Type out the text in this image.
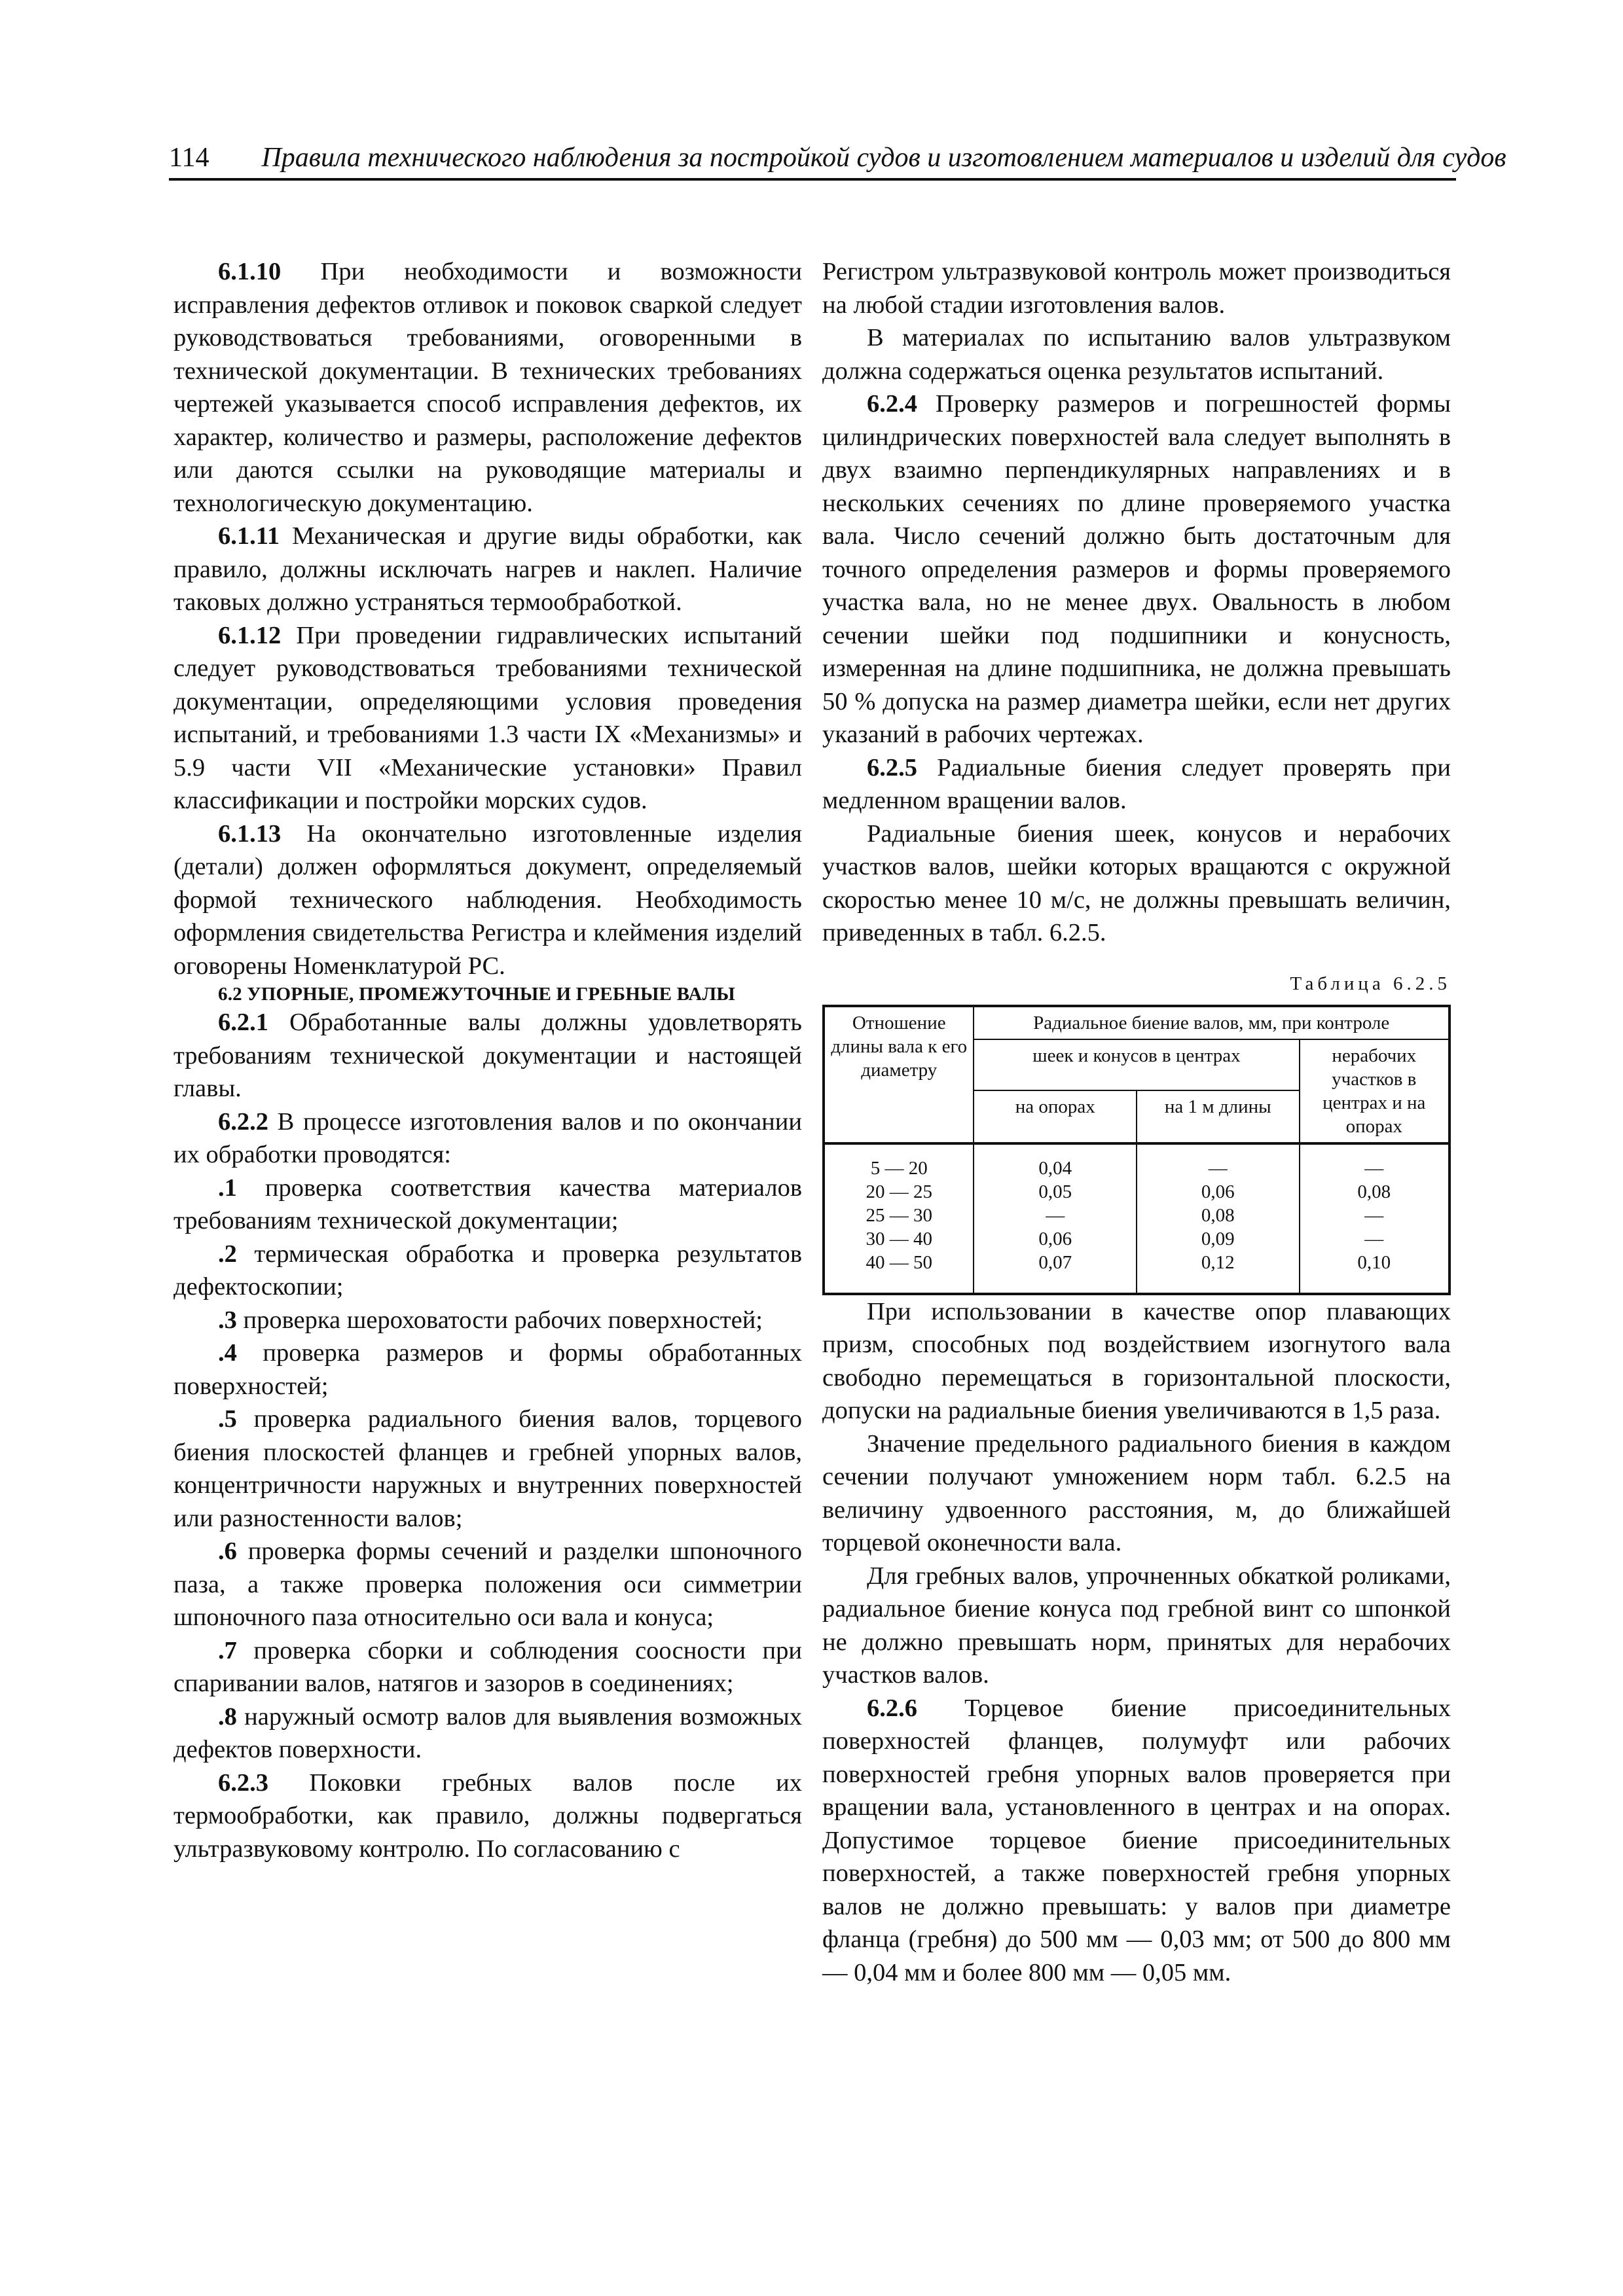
114 Правила технического наблюдения за постройкой судов и изготовлением материалов и изделий для судов

6.1.10 При необходимости и возможности исправления дефектов отливок и поковок сваркой следует руководствоваться требованиями, оговоренными в технической документации. В технических требованиях чертежей указывается способ исправления дефектов, их характер, количество и размеры, расположение дефектов или даются ссылки на руководящие материалы и технологическую документацию.

6.1.11 Механическая и другие виды обработки, как правило, должны исключать нагрев и наклеп. Наличие таковых должно устраняться термообработкой.

6.1.12 При проведении гидравлических испытаний следует руководствоваться требованиями технической документации, определяющими условия проведения испытаний, и требованиями 1.3 части IX «Механизмы» и 5.9 части VII «Механические установки» Правил классификации и постройки морских судов.

6.1.13 На окончательно изготовленные изделия (детали) должен оформляться документ, определяемый формой технического наблюдения. Необходимость оформления свидетельства Регистра и клеймения изделий оговорены Номенклатурой РС.

6.2 УПОРНЫЕ, ПРОМЕЖУТОЧНЫЕ И ГРЕБНЫЕ ВАЛЫ

6.2.1 Обработанные валы должны удовлетворять требованиям технической документации и настоящей главы.

6.2.2 В процессе изготовления валов и по окончании их обработки проводятся:

.1 проверка соответствия качества материалов требованиям технической документации;

.2 термическая обработка и проверка результатов дефектоскопии;

.3 проверка шероховатости рабочих поверхностей;

.4 проверка размеров и формы обработанных поверхностей;

.5 проверка радиального биения валов, торцевого биения плоскостей фланцев и гребней упорных валов, концентричности наружных и внутренних поверхностей или разностенности валов;

.6 проверка формы сечений и разделки шпоночного паза, а также проверка положения оси симметрии шпоночного паза относительно оси вала и конуса;

.7 проверка сборки и соблюдения соосности при спаривании валов, натягов и зазоров в соединениях;

.8 наружный осмотр валов для выявления возможных дефектов поверхности.

6.2.3 Поковки гребных валов после их термообработки, как правило, должны подвергаться ультразвуковому контролю. По согласованию с

Регистром ультразвуковой контроль может производиться на любой стадии изготовления валов.

В материалах по испытанию валов ультразвуком должна содержаться оценка результатов испытаний.

6.2.4 Проверку размеров и погрешностей формы цилиндрических поверхностей вала следует выполнять в двух взаимно перпендикулярных направлениях и в нескольких сечениях по длине проверяемого участка вала. Число сечений должно быть достаточным для точного определения размеров и формы проверяемого участка вала, но не менее двух. Овальность в любом сечении шейки под подшипники и конусность, измеренная на длине подшипника, не должна превышать 50 % допуска на размер диаметра шейки, если нет других указаний в рабочих чертежах.

6.2.5 Радиальные биения следует проверять при медленном вращении валов.

Радиальные биения шеек, конусов и нерабочих участков валов, шейки которых вращаются с окружной скоростью менее 10 м/с, не должны превышать величин, приведенных в табл. 6.2.5.

Таблица 6.2.5
Отношение длины вала к его диаметру	Радиальное биение валов, мм, при контроле		
	шеек и конусов в центрах		нерабочих участков в центрах и на опорах
	на опорах	на 1 м длины	
5 — 20	0,04	—	—
20 — 25	0,05	0,06	0,08
25 — 30	—	0,08	—
30 — 40	0,06	0,09	—
40 — 50	0,07	0,12	0,10

При использовании в качестве опор плавающих призм, способных под воздействием изогнутого вала свободно перемещаться в горизонтальной плоскости, допуски на радиальные биения увеличиваются в 1,5 раза.

Значение предельного радиального биения в каждом сечении получают умножением норм табл. 6.2.5 на величину удвоенного расстояния, м, до ближайшей торцевой оконечности вала.

Для гребных валов, упрочненных обкаткой роликами, радиальное биение конуса под гребной винт со шпонкой не должно превышать норм, принятых для нерабочих участков валов.

6.2.6 Торцевое биение присоединительных поверхностей фланцев, полумуфт или рабочих поверхностей гребня упорных валов проверяется при вращении вала, установленного в центрах и на опорах. Допустимое торцевое биение присоединительных поверхностей, а также поверхностей гребня упорных валов не должно превышать: у валов при диаметре фланца (гребня) до 500 мм — 0,03 мм; от 500 до 800 мм — 0,04 мм и более 800 мм — 0,05 мм.
